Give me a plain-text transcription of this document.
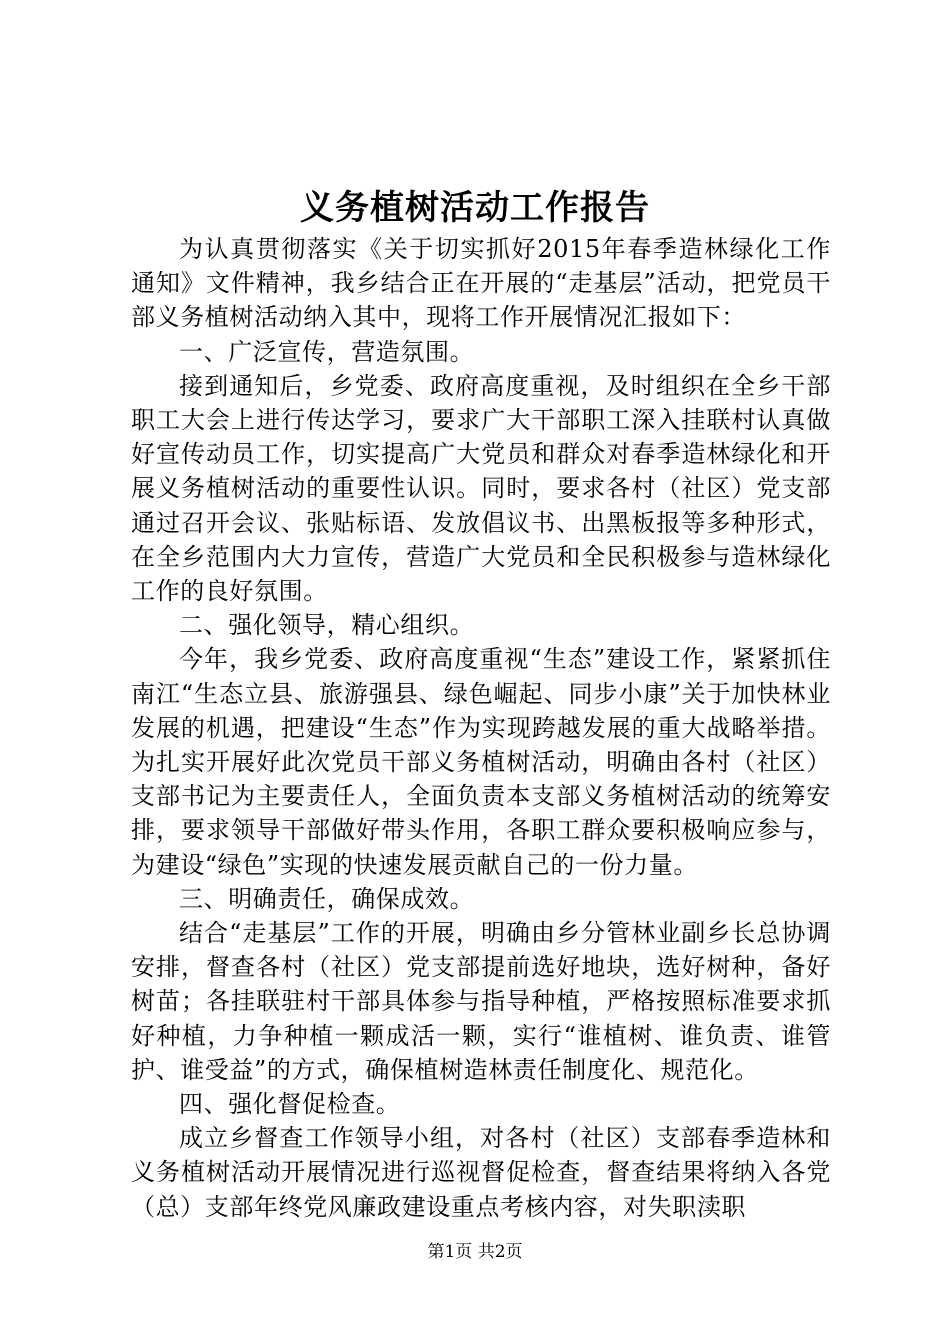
义务植树活动工作报告

为认真贯彻落实《关于切实抓好2015年春季造林绿化工作通知》文件精神，我乡结合正在开展的“走基层”活动，把党员干部义务植树活动纳入其中，现将工作开展情况汇报如下：

一、广泛宣传，营造氛围。

接到通知后，乡党委、政府高度重视，及时组织在全乡干部职工大会上进行传达学习，要求广大干部职工深入挂联村认真做好宣传动员工作，切实提高广大党员和群众对春季造林绿化和开展义务植树活动的重要性认识。同时，要求各村（社区）党支部通过召开会议、张贴标语、发放倡议书、出黑板报等多种形式，在全乡范围内大力宣传，营造广大党员和全民积极参与造林绿化工作的良好氛围。

二、强化领导，精心组织。

今年，我乡党委、政府高度重视“生态”建设工作，紧紧抓住南江“生态立县、旅游强县、绿色崛起、同步小康”关于加快林业发展的机遇，把建设“生态”作为实现跨越发展的重大战略举措。为扎实开展好此次党员干部义务植树活动，明确由各村（社区）支部书记为主要责任人，全面负责本支部义务植树活动的统筹安排，要求领导干部做好带头作用，各职工群众要积极响应参与，为建设“绿色”实现的快速发展贡献自己的一份力量。

三、明确责任，确保成效。

结合“走基层”工作的开展，明确由乡分管林业副乡长总协调安排，督查各村（社区）党支部提前选好地块，选好树种，备好树苗；各挂联驻村干部具体参与指导种植，严格按照标准要求抓好种植，力争种植一颗成活一颗，实行“谁植树、谁负责、谁管护、谁受益”的方式，确保植树造林责任制度化、规范化。

四、强化督促检查。

成立乡督查工作领导小组，对各村（社区）支部春季造林和义务植树活动开展情况进行巡视督促检查，督查结果将纳入各党（总）支部年终党风廉政建设重点考核内容，对失职渎职

第1页 共2页
